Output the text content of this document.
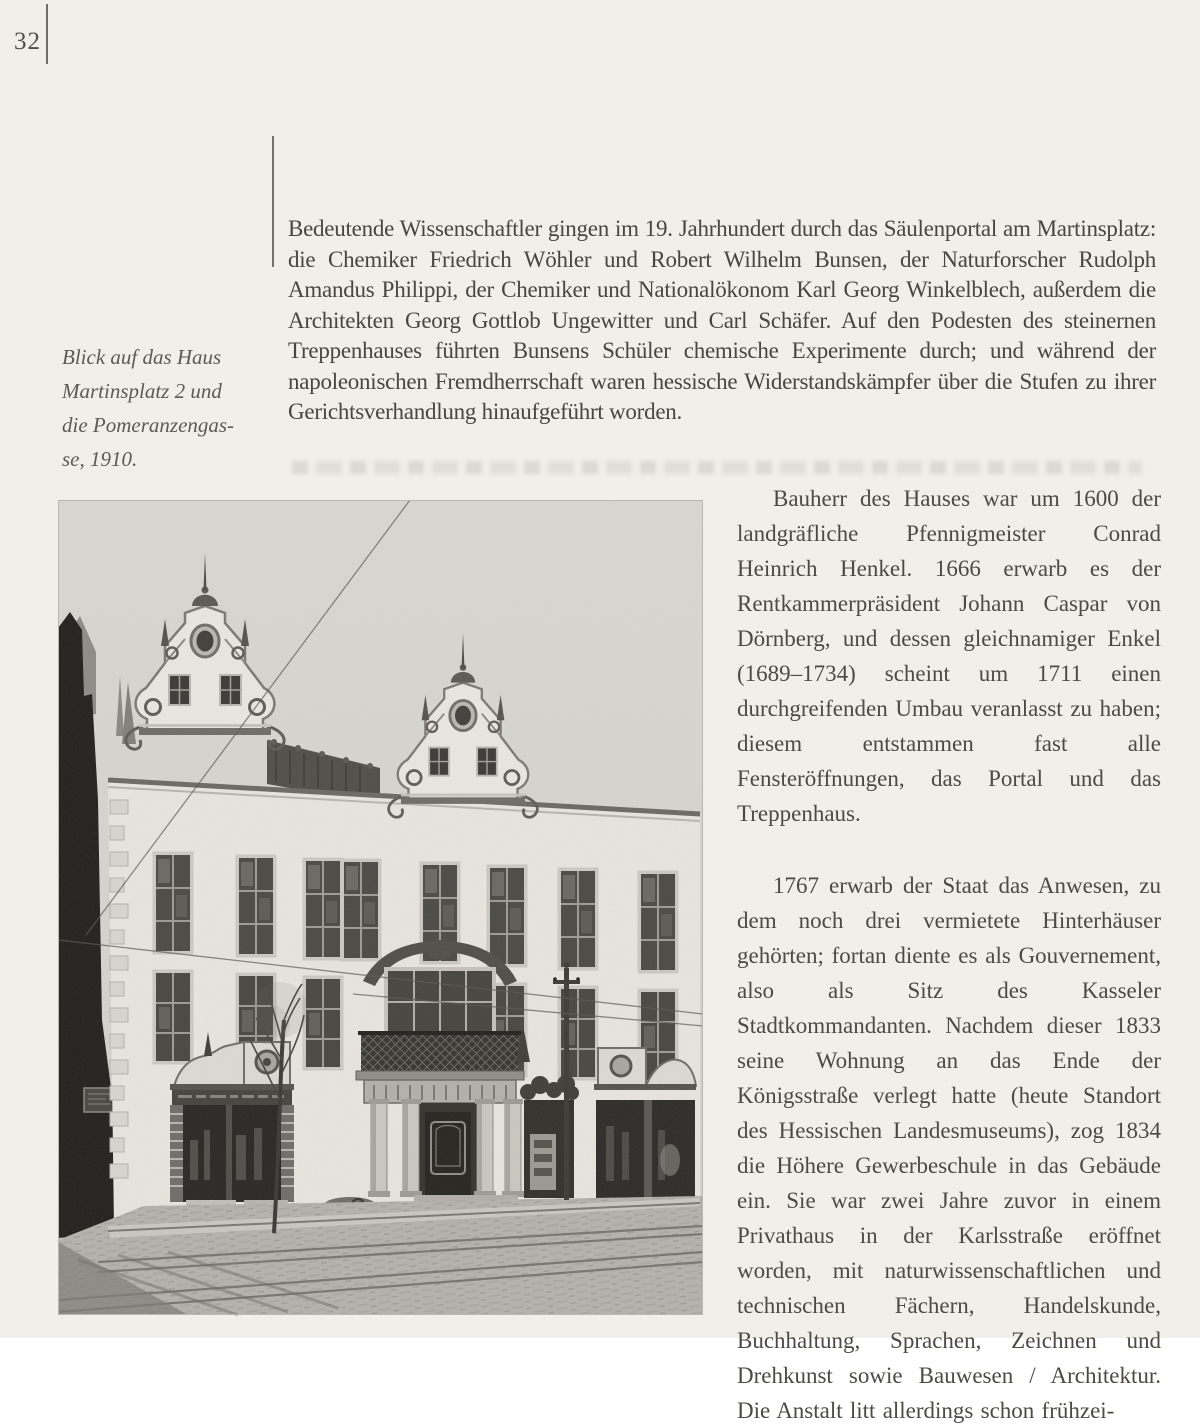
32
Bedeutende Wissenschaftler gingen im 19. Jahrhundert durch das Säulenportal am Martinsplatz: die Chemiker Friedrich Wöhler und Robert Wilhelm Bunsen, der Naturforscher Rudolph Amandus Philippi, der Chemiker und Nationalökonom Karl Georg Winkelblech, außerdem die Architekten Georg Gottlob Ungewitter und Carl Schäfer. Auf den Podesten des steinernen Treppenhauses führten Bunsens Schüler chemische Experimente durch; und während der napoleonischen Fremdherrschaft waren hessische Widerstandskämpfer über die Stufen zu ihrer Gerichtsverhandlung hinaufgeführt worden.
Blick auf das Haus
Martinsplatz 2 und
die Pomeranzengas-
se, 1910.

Bauherr des Hauses war um 1600 der landgräfliche Pfennigmeister Conrad Heinrich Henkel. 1666 erwarb es der Rentkammerpräsident Johann Caspar von Dörnberg, und dessen gleichnamiger Enkel (1689–1734) scheint um 1711 einen durchgreifenden Umbau veranlasst zu haben; diesem entstammen fast alle Fensteröffnungen, das Portal und das Treppenhaus.

1767 erwarb der Staat das Anwesen, zu dem noch drei vermietete Hinterhäuser gehörten; fortan diente es als Gouvernement, also als Sitz des Kasseler Stadtkommandanten. Nachdem dieser 1833 seine Wohnung an das Ende der Königsstraße verlegt hatte (heute Standort des Hessischen Landesmuseums), zog 1834 die Höhere Gewerbeschule in das Gebäude ein. Sie war zwei Jahre zuvor in einem Privathaus in der Karlsstraße eröffnet worden, mit naturwissenschaftlichen und technischen Fächern, Handelskunde, Buchhaltung, Sprachen, Zeichnen und Drehkunst sowie Bauwesen / Architektur. Die Anstalt litt allerdings schon frühzei-
